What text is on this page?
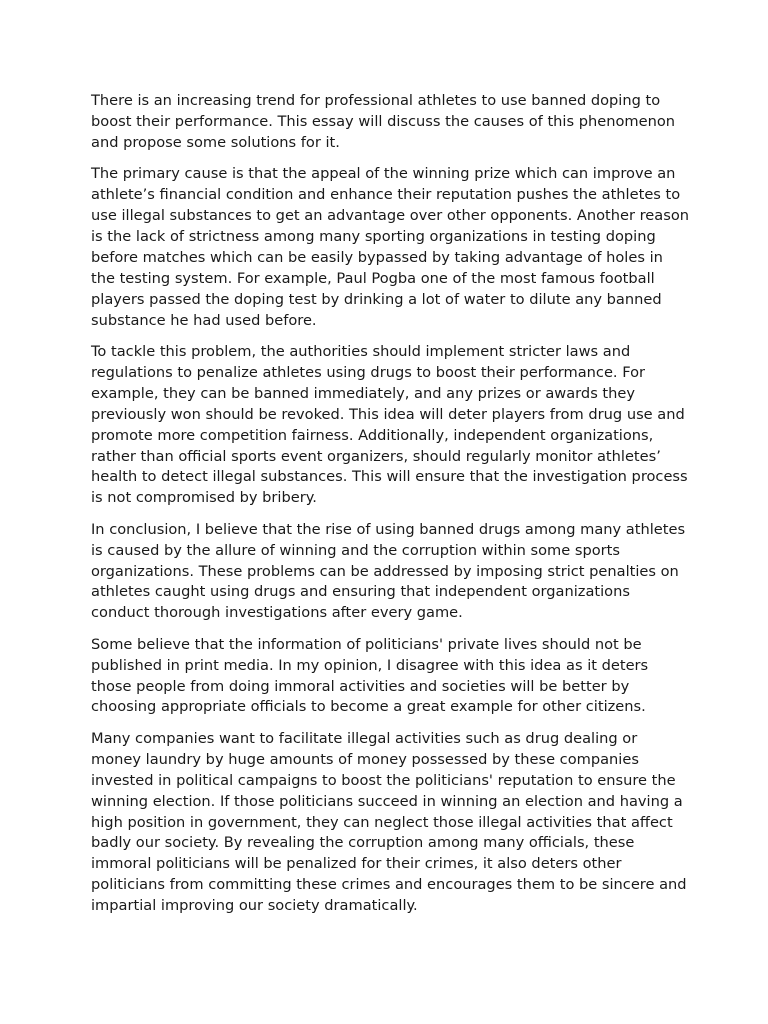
There is an increasing trend for professional athletes to use banned doping to boost their performance. This essay will discuss the causes of this phenomenon and propose some solutions for it.

The primary cause is that the appeal of the winning prize which can improve an athlete’s financial condition and enhance their reputation pushes the athletes to use illegal substances to get an advantage over other opponents. Another reason is the lack of strictness among many sporting organizations in testing doping before matches which can be easily bypassed by taking advantage of holes in the testing system. For example, Paul Pogba one of the most famous football players passed the doping test by drinking a lot of water to dilute any banned substance he had used before.

To tackle this problem, the authorities should implement stricter laws and regulations to penalize athletes using drugs to boost their performance. For example, they can be banned immediately, and any prizes or awards they previously won should be revoked. This idea will deter players from drug use and promote more competition fairness. Additionally, independent organizations, rather than official sports event organizers, should regularly monitor athletes’ health to detect illegal substances. This will ensure that the investigation process is not compromised by bribery.

In conclusion, I believe that the rise of using banned drugs among many athletes is caused by the allure of winning and the corruption within some sports organizations. These problems can be addressed by imposing strict penalties on athletes caught using drugs and ensuring that independent organizations conduct thorough investigations after every game.

Some believe that the information of politicians' private lives should not be published in print media. In my opinion, I disagree with this idea as it deters those people from doing immoral activities and societies will be better by choosing appropriate officials to become a great example for other citizens.

Many companies want to facilitate illegal activities such as drug dealing or money laundry by huge amounts of money possessed by these companies invested in political campaigns to boost the politicians' reputation to ensure the winning election. If those politicians succeed in winning an election and having a high position in government, they can neglect those illegal activities that affect badly our society. By revealing the corruption among many officials, these immoral politicians will be penalized for their crimes, it also deters other politicians from committing these crimes and encourages them to be sincere and impartial improving our society dramatically.
